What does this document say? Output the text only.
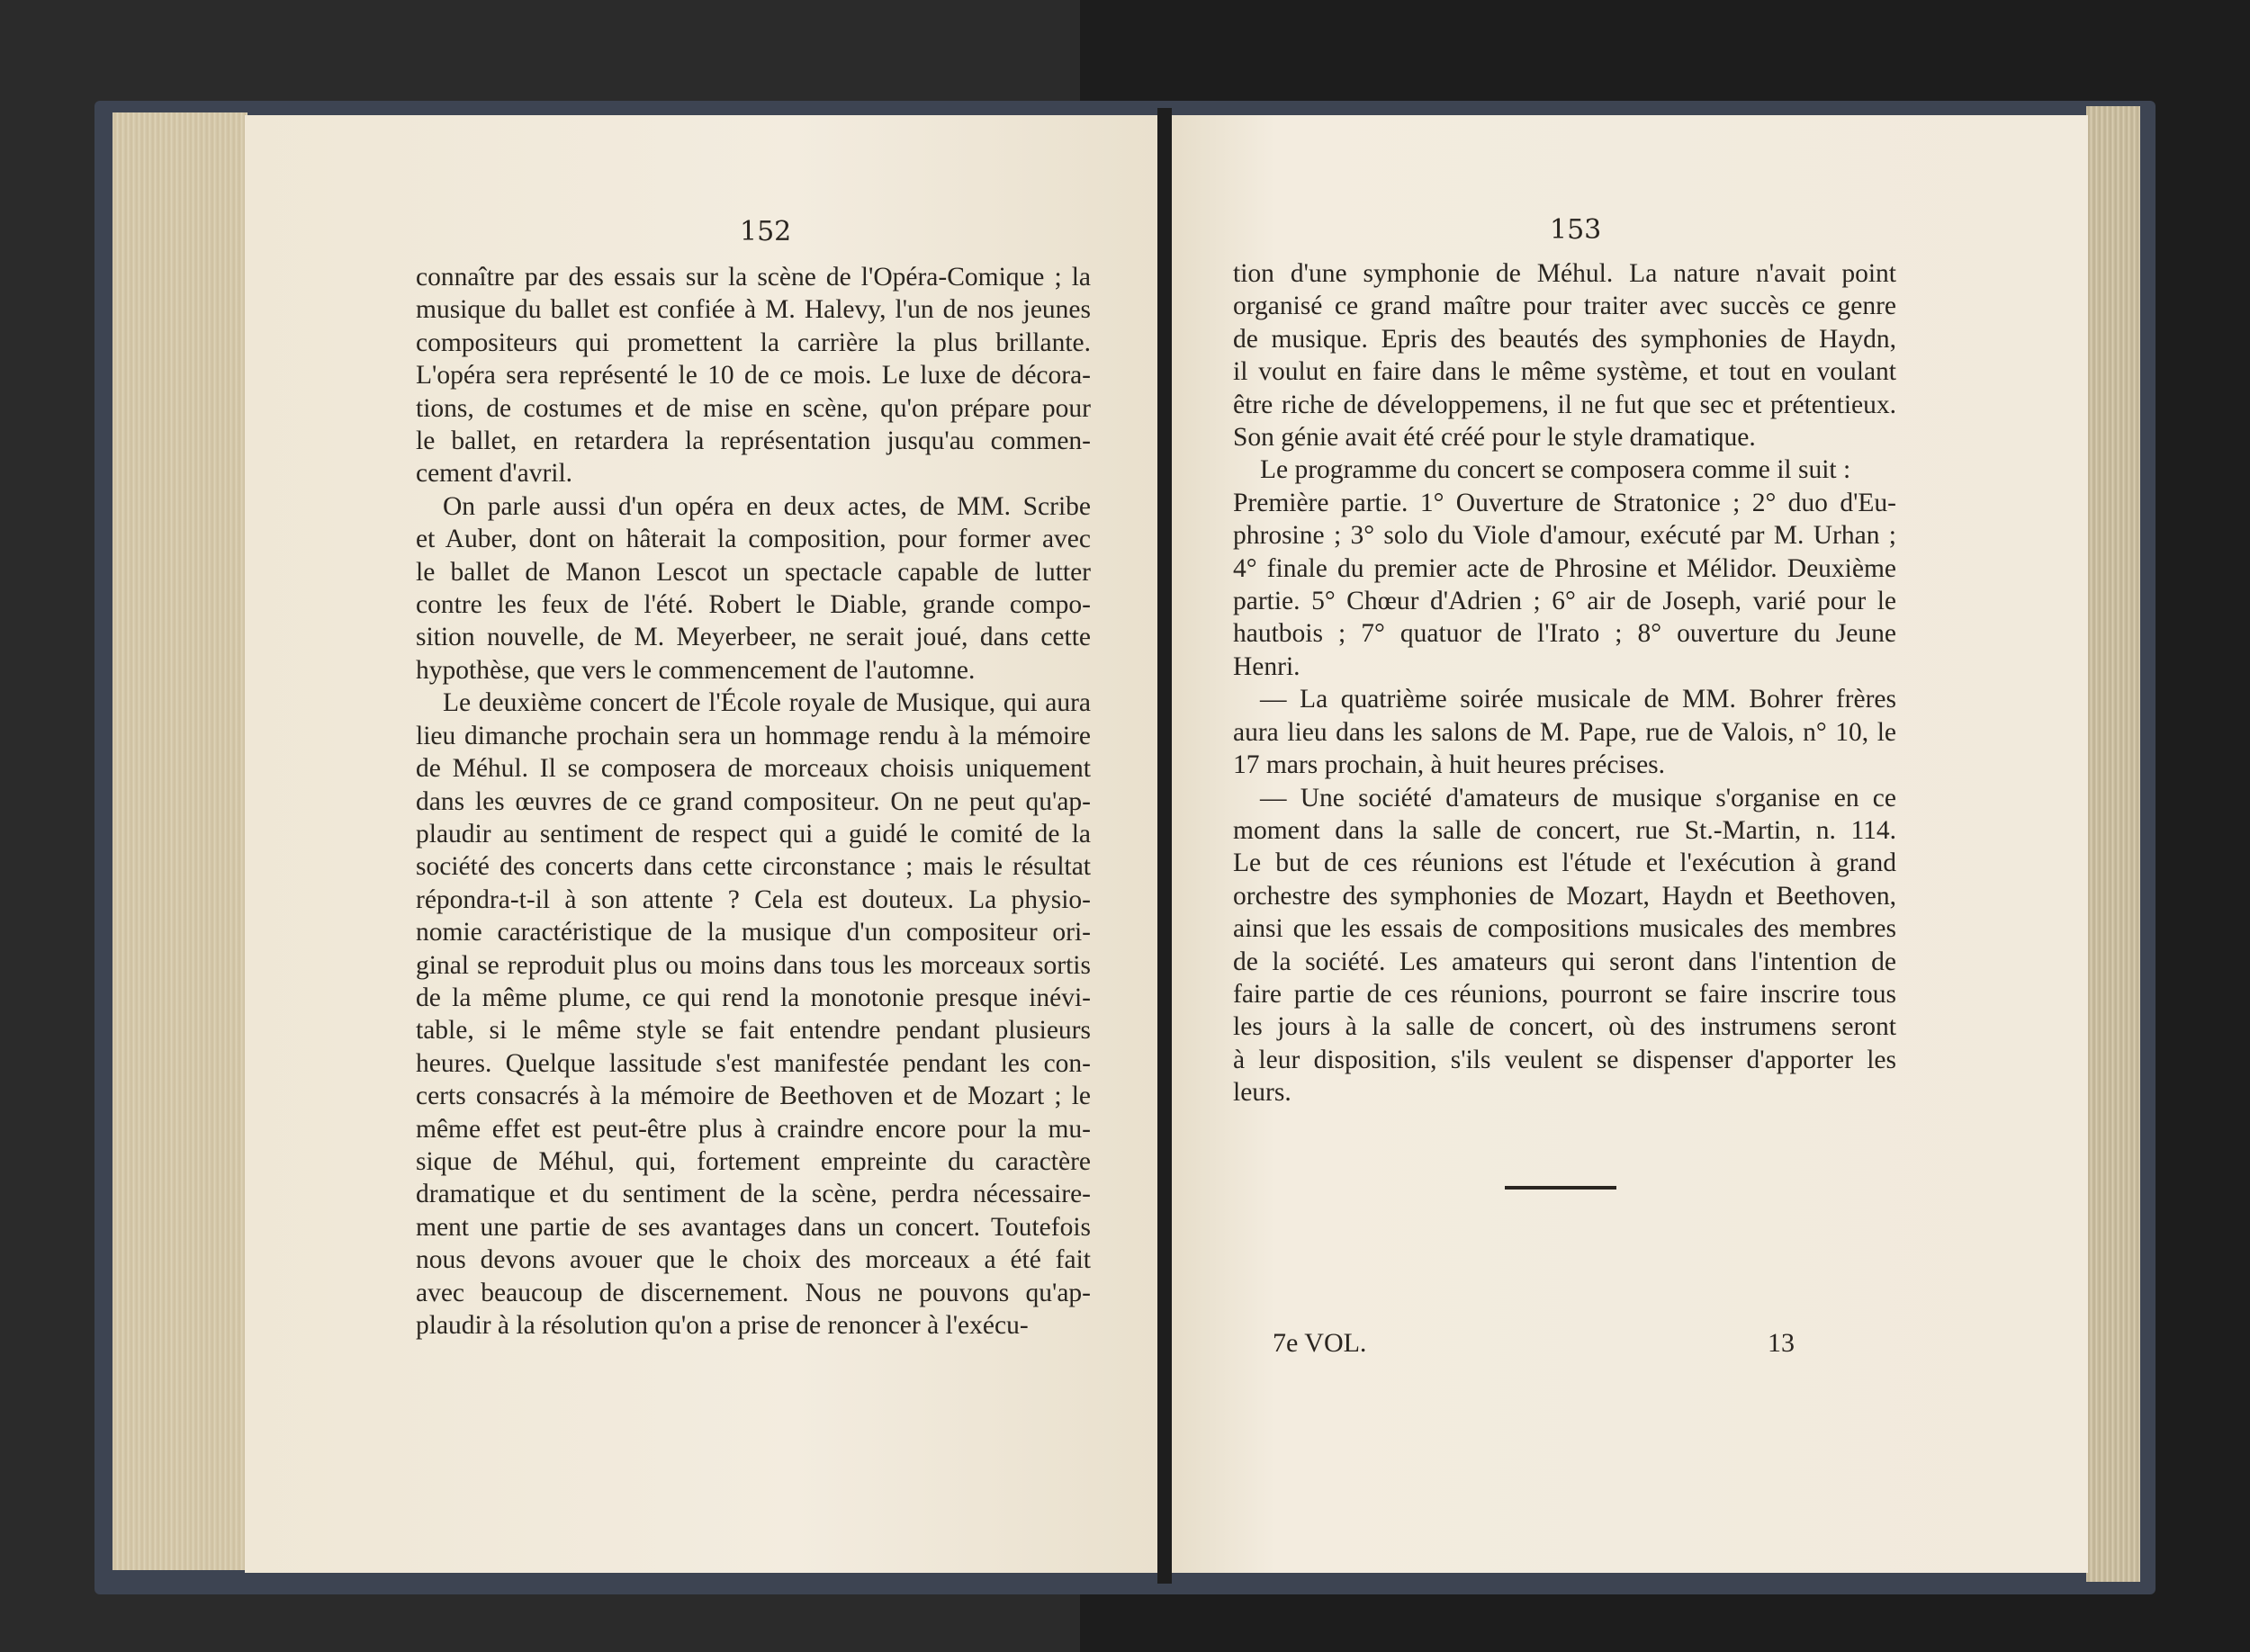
152	153
connaître par des essais sur la scène de l'Opéra-Comique ; la
musique du ballet est confiée à M. Halevy, l'un de nos jeunes
compositeurs qui promettent la carrière la plus brillante.
L'opéra sera représenté le 10 de ce mois. Le luxe de décora-
tions, de costumes et de mise en scène, qu'on prépare pour
le ballet, en retardera la représentation jusqu'au commen-
cement d'avril.
On parle aussi d'un opéra en deux actes, de MM. Scribe
et Auber, dont on hâterait la composition, pour former avec
le ballet de Manon Lescot un spectacle capable de lutter
contre les feux de l'été. Robert le Diable, grande compo-
sition nouvelle, de M. Meyerbeer, ne serait joué, dans cette
hypothèse, que vers le commencement de l'automne.
Le deuxième concert de l'École royale de Musique, qui aura
lieu dimanche prochain sera un hommage rendu à la mémoire
de Méhul. Il se composera de morceaux choisis uniquement
dans les œuvres de ce grand compositeur. On ne peut qu'ap-
plaudir au sentiment de respect qui a guidé le comité de la
société des concerts dans cette circonstance ; mais le résultat
répondra-t-il à son attente ? Cela est douteux. La physio-
nomie caractéristique de la musique d'un compositeur ori-
ginal se reproduit plus ou moins dans tous les morceaux sortis
de la même plume, ce qui rend la monotonie presque inévi-
table, si le même style se fait entendre pendant plusieurs
heures. Quelque lassitude s'est manifestée pendant les con-
certs consacrés à la mémoire de Beethoven et de Mozart ; le
même effet est peut-être plus à craindre encore pour la mu-
sique de Méhul, qui, fortement empreinte du caractère
dramatique et du sentiment de la scène, perdra nécessaire-
ment une partie de ses avantages dans un concert. Toutefois
nous devons avouer que le choix des morceaux a été fait
avec beaucoup de discernement. Nous ne pouvons qu'ap-
plaudir à la résolution qu'on a prise de renoncer à l'exécu-
tion d'une symphonie de Méhul. La nature n'avait point
organisé ce grand maître pour traiter avec succès ce genre
de musique. Epris des beautés des symphonies de Haydn,
il voulut en faire dans le même système, et tout en voulant
être riche de développemens, il ne fut que sec et prétentieux.
Son génie avait été créé pour le style dramatique.
Le programme du concert se composera comme il suit :
Première partie. 1° Ouverture de Stratonice ; 2° duo d'Eu-
phrosine ; 3° solo du Viole d'amour, exécuté par M. Urhan ;
4° finale du premier acte de Phrosine et Mélidor. Deuxième
partie. 5° Chœur d'Adrien ; 6° air de Joseph, varié pour le
hautbois ; 7° quatuor de l'Irato ; 8° ouverture du Jeune
Henri.
— La quatrième soirée musicale de MM. Bohrer frères
aura lieu dans les salons de M. Pape, rue de Valois, n° 10, le
17 mars prochain, à huit heures précises.
— Une société d'amateurs de musique s'organise en ce
moment dans la salle de concert, rue St.-Martin, n. 114.
Le but de ces réunions est l'étude et l'exécution à grand
orchestre des symphonies de Mozart, Haydn et Beethoven,
ainsi que les essais de compositions musicales des membres
de la société. Les amateurs qui seront dans l'intention de
faire partie de ces réunions, pourront se faire inscrire tous
les jours à la salle de concert, où des instrumens seront
à leur disposition, s'ils veulent se dispenser d'apporter les
leurs.
7e VOL.	13
